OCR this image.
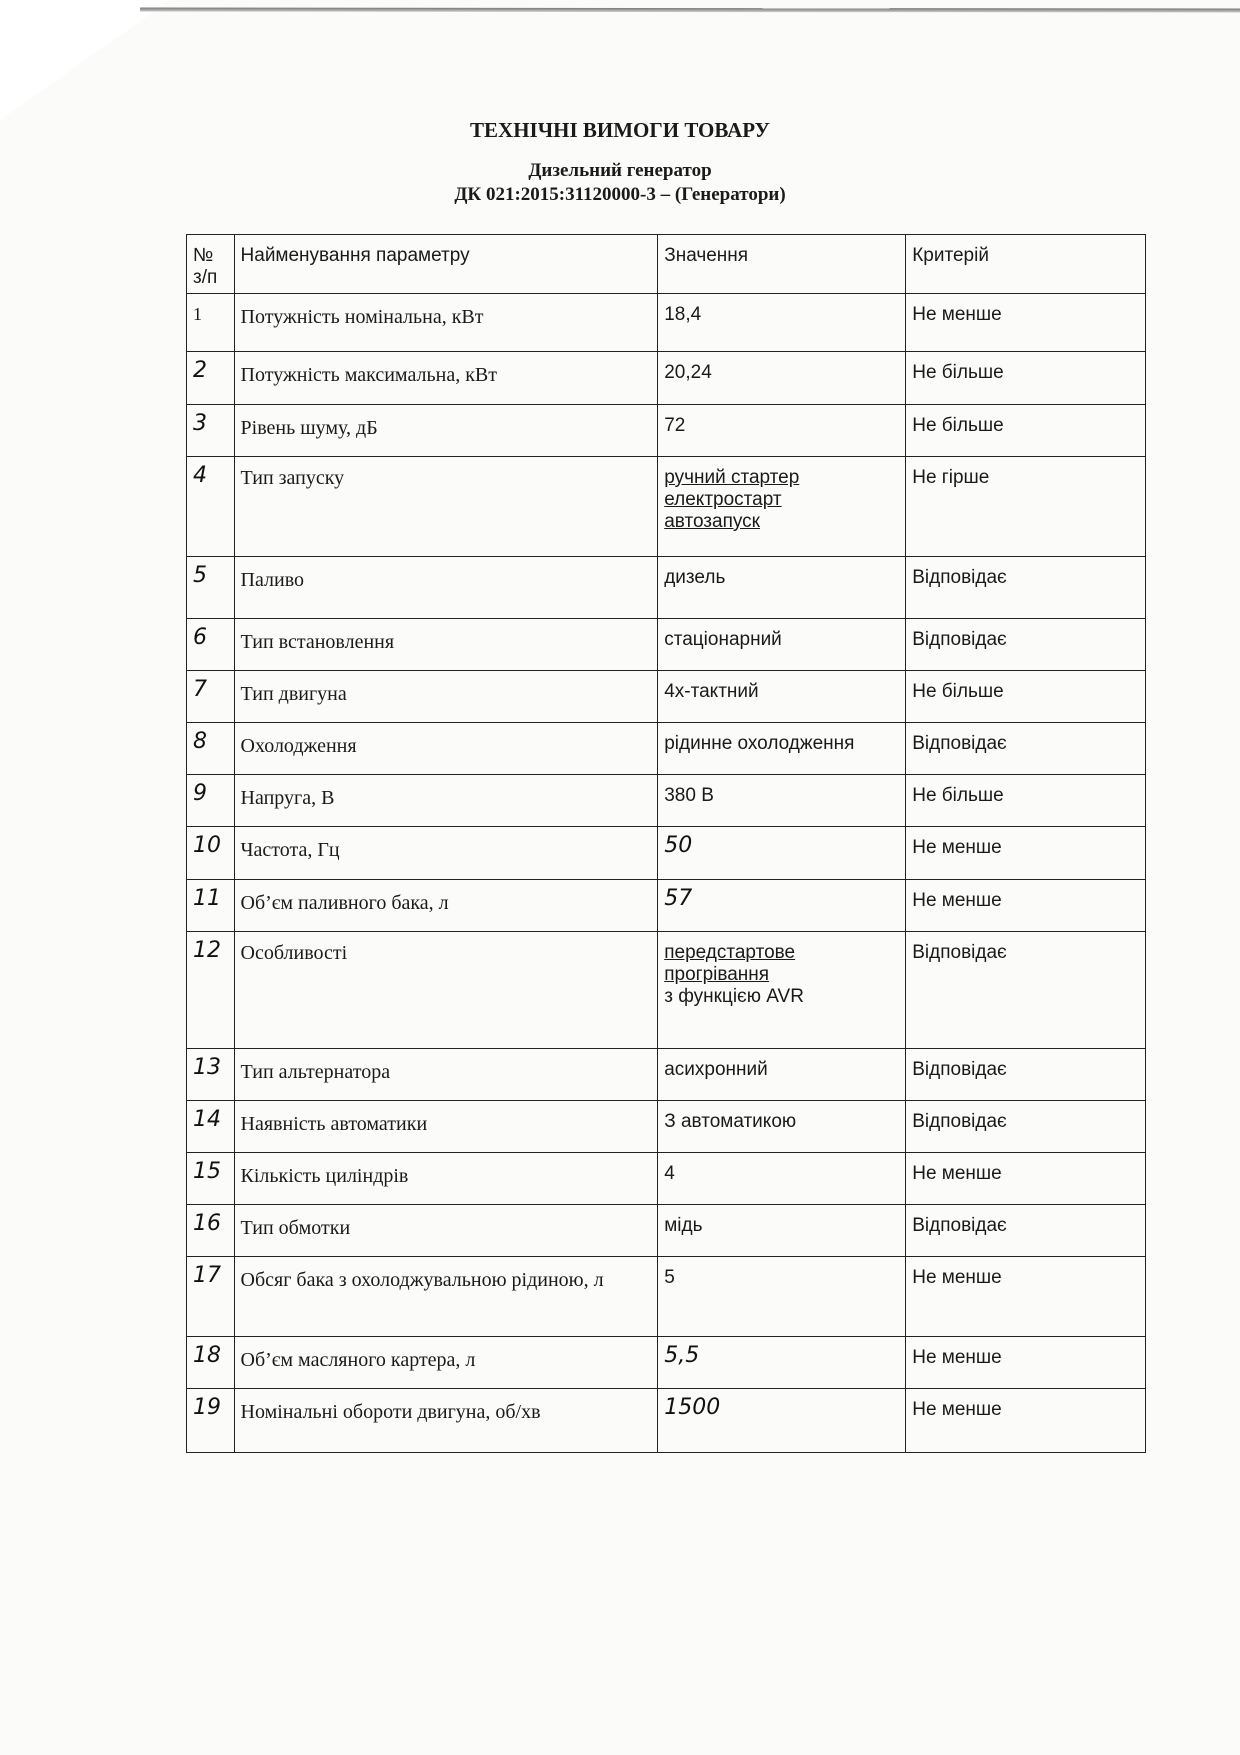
ТЕХНІЧНІ ВИМОГИ ТОВАРУ
Дизельний генератор
ДК 021:2015:31120000-3 – (Генератори)
№ з/п	Найменування параметру	Значення	Критерій
1	Потужність номінальна, кВт	18,4	Не менше
2	Потужність максимальна, кВт	20,24	Не більше
3	Рівень шуму, дБ	72	Не більше
4	Тип запуску	ручний стартер
електростарт
автозапуск	Не гірше
5	Паливо	дизель	Відповідає
6	Тип встановлення	стаціонарний	Відповідає
7	Тип двигуна	4х-тактний	Не більше
8	Охолодження	рідинне охолодження	Відповідає
9	Напруга, В	380 В	Не більше
10	Частота, Гц	50	Не менше
11	Об’єм паливного бака, л	57	Не менше
12	Особливості	передстартове
прогрівання
з функцією AVR	Відповідає
13	Тип альтернатора	асихронний	Відповідає
14	Наявність автоматики	З автоматикою	Відповідає
15	Кількість циліндрів	4	Не менше
16	Тип обмотки	мідь	Відповідає
17	Обсяг бака з охолоджувальною рідиною, л	5	Не менше
18	Об’єм масляного картера, л	5,5	Не менше
19	Номінальні обороти двигуна, об/хв	1500	Не менше
